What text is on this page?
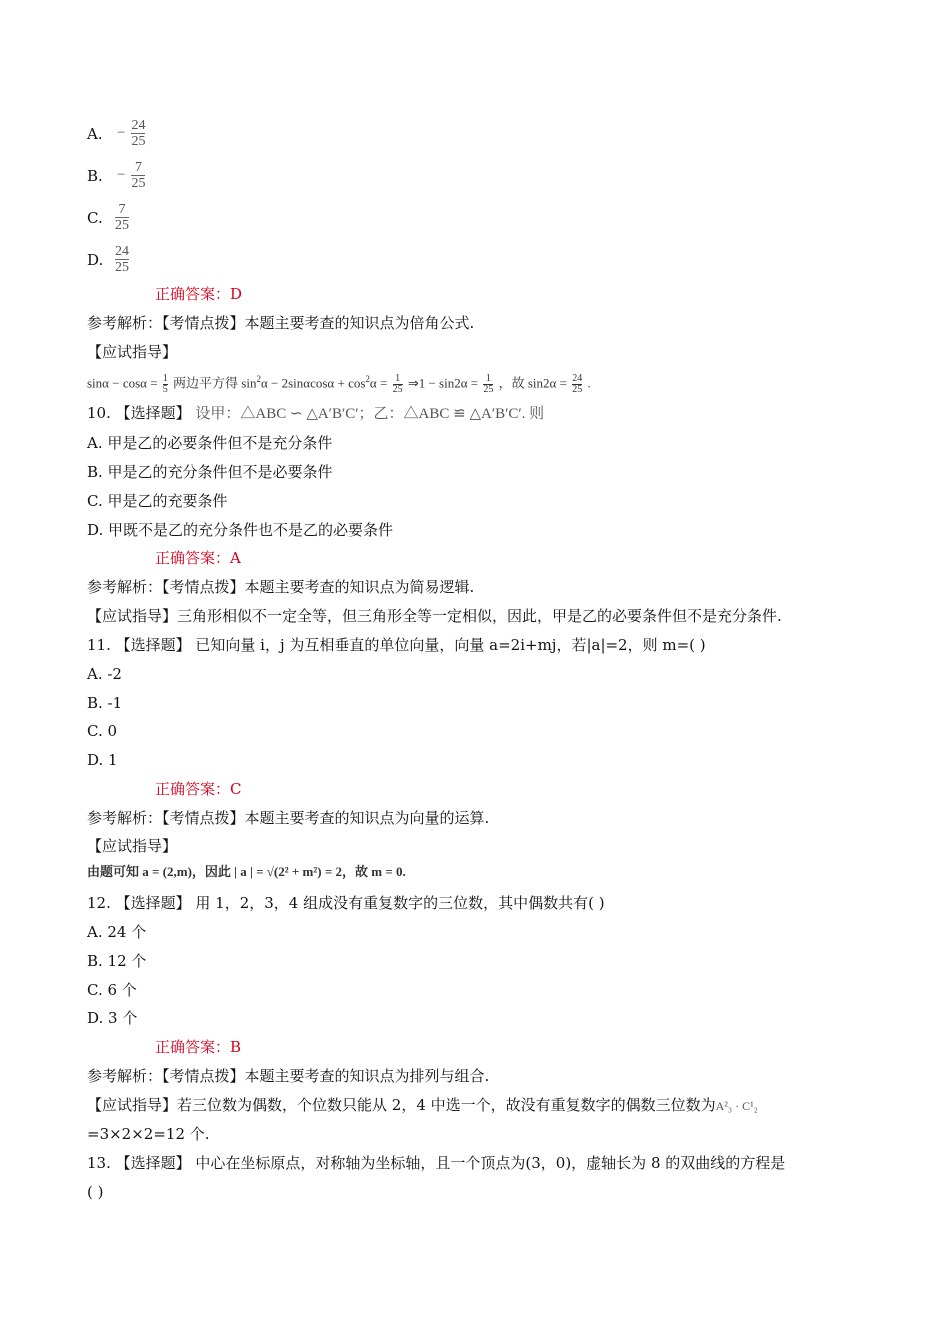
A. − $\frac{24}{25}$
B. − $\frac{7}{25}$
C. $\frac{7}{25}$
D. $\frac{24}{25}$
正确答案：D
参考解析：【考情点拨】本题主要考查的知识点为倍角公式.
【应试指导】
$\sin\alpha - \cos\alpha = \frac{1}{5}$ 两边平方得 $\sin^2\alpha - 2\sin\alpha\cos\alpha + \cos^2\alpha = \frac{1}{25}$ ⇒1 − $\sin 2\alpha = \frac{1}{25}$ ，故 $\sin 2\alpha = \frac{24}{25}$ .
10. 【选择题】 设甲：△ABC ∽ △A′B′C′；乙：△ABC ≌ △A′B′C′. 则
A. 甲是乙的必要条件但不是充分条件
B. 甲是乙的充分条件但不是必要条件
C. 甲是乙的充要条件
D. 甲既不是乙的充分条件也不是乙的必要条件
正确答案：A
参考解析：【考情点拨】本题主要考查的知识点为简易逻辑.
【应试指导】三角形相似不一定全等，但三角形全等一定相似，因此，甲是乙的必要条件但不是充分条件.
11. 【选择题】 已知向量 i，j 为互相垂直的单位向量，向量 a=2i+mj，若|a|=2，则 m=( )
A. -2
B. -1
C. 0
D. 1
正确答案：C
参考解析：【考情点拨】本题主要考查的知识点为向量的运算.
【应试指导】
由题可知 a = (2,m)，因此 | a | = √(2² + m²) = 2，故 m = 0.
12. 【选择题】 用 1，2，3，4 组成没有重复数字的三位数，其中偶数共有( )
A. 24 个
B. 12 个
C. 6 个
D. 3 个
正确答案：B
参考解析：【考情点拨】本题主要考查的知识点为排列与组合.
【应试指导】若三位数为偶数，个位数只能从 2，4 中选一个，故没有重复数字的偶数三位数为A²₃ · C¹₂
=3×2×2=12 个.
13. 【选择题】 中心在坐标原点，对称轴为坐标轴，且一个顶点为(3，0)，虚轴长为 8 的双曲线的方程是
( )
